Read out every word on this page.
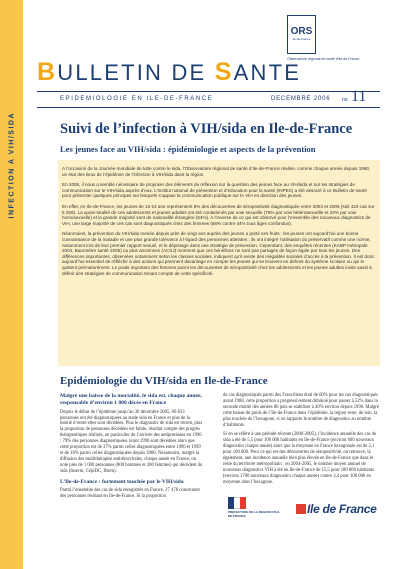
INFECTION A VIH/SIDA
BULLETIN DE SANTE
ORS
Ile-de-France
Observatoire régional de santé d'Ile-de-France
EPIDEMIOLOGIE EN ILE-DE-FRANCE	DECEMBRE 2006 no 11
Suivi de l’infection à VIH/sida en Ile-de-France
Les jeunes face au VIH/sida : épidémiologie et aspects de la prévention

A l’occasion de la Journée mondiale de lutte contre le sida, l’Observatoire régional de santé d’Ile-de-France réalise, comme chaque année depuis 1990, un état des lieux de l’épidémie de l’infection à VIH/sida dans la région.

En 2006, il nous a semblé nécessaire de proposer des éléments de réflexion sur la question des jeunes face au VIH/sida et sur les stratégies de communication sur le VIH/sida auprès d’eux. L’Institut national de prévention et d’éducation pour la santé (INPES) a été associé à ce Bulletin de santé pour présenter quelques principes sur lesquels s’appuie la communication publique sur le VIH en direction des jeunes.

En effet, en Ile-de-France, les jeunes de 15-24 ans représentent 8% des découvertes de séropositivité diagnostiquée entre 2003 et 2005 (soit 420 cas sur 5 259). La quasi-totalité de ces adolescents et jeunes adultes ont été contaminés par voie sexuelle (76% par voie hétérosexuelle et 23% par voie homosexuelle) et la grande majorité sont de nationalité étrangère (64%). A l’inverse de ce qui est observé pour l’ensemble des nouveaux diagnostics de VIH, une large majorité de ces cas sont diagnostiqués chez des femmes (68% contre 44% tous âges confondus).

Néanmoins, la prévention du VIH/sida menée depuis près de vingt ans auprès des jeunes a porté ses fruits : les jeunes ont aujourd’hui une bonne connaissance de la maladie et une plus grande tolérance à l’égard des personnes atteintes ; ils ont intégré l’utilisation du préservatif comme une norme, notamment lors de leur premier rapport sexuel, et le dépistage dans une stratégie de prévention. Cependant, des enquêtes récentes (KABP métropole 2004, Baromètre santé 2005) ou plus anciennes (ACSJ) montrent que ces bénéfices ne sont pas partagés de façon égale par tous les jeunes. Des différences importantes, observées notamment selon les classes sociales, indiquent qu’il existe des inégalités sociales d’accès à la prévention. Il est donc aujourd’hui essentiel de réfléchir à des actions qui prennent davantage en compte les jeunes qui se trouvent en dehors du système scolaire ou qui le quittent prématurément. Le poids important des femmes parmi les découvertes de séropositivité chez les adolescents et les jeunes adultes invite aussi à définir des stratégies de communication tenant compte de cette spécificité.

Epidémiologie du VIH/sida en Ile-de-France

Malgré une baisse de la mortalité, le sida est, chaque année, responsable d’environ 1 000 décès en France

Depuis le début de l’épidémie jusqu’au 30 décembre 2005, 60 833 personnes ont été diagnostiquées au stade sida en France et plus de la moitié d’entre elles sont décédées. Plus le diagnostic de sida est récent, plus la proportion de personnes décédées est faible, résultat compte des progrès thérapeutiques réalisés, en particulier de l’arrivée des antiprotéases en 1996 : 79% des personnes diagnostiquées avant 1990 sont décédées alors que cette proportion est de 37% parmi celles diagnostiquées entre 1996 et 1999 et de 18% parmi celles diagnostiquées depuis 2000. Néanmoins, malgré la diffusion des multithérapies antirétrovirales, chaque année en France, on note près de 1 000 personnes (800 hommes et 200 femmes) qui décèdent du sida (Inserm, CépiDC, Ifsem).

L’Ile-de-France : fortement touchée par le VIH/sida

Parmi l’ensemble des cas de sida enregistrés en France, 27 478 concernent des personnes résidant en Ile-de-France. Si la proportion

de cas diagnostiqués parmi des Franciliens était de 60% pour les cas diagnostiqués avant 1988, cette proportion a progressivement diminué pour passer à 52% dans la seconde moitié des années 80 puis se stabiliser à 40% environ depuis 1996. Malgré cette baisse du poids de l’Ile-de-France dans l’épidémie, la région reste, de loin, la plus touchée de l’hexagone, si on rapporte le nombre de diagnostics au nombre d’habitants.

Si on se réfère à une période récente (2000-2005), l’incidence annuelle des cas de sida a été de 5,5 pour 100 000 habitants en Ile-de-France (environ 600 nouveaux diagnostics chaque année) alors que la moyenne en France hexagonale est de 2,1 pour 100 000. Pour ce qui est des découvertes de séropositivité, on retrouve, là également, une incidence annuelle bien plus élevée en Ile-de-France que dans le reste du territoire métropolitain : en 2004-2005, le nombre moyen annuel de nouveaux diagnostics VIH a été en Ile-de-France de 15,5 pour 100 000 habitants (environ 1700 nouveaux diagnostics chaque année) contre 3,4 pour 100 000 en moyenne dans l’hexagone.

PREFECTURE DE LA REGION D'ILE-DE-FRANCE	Ile de France
